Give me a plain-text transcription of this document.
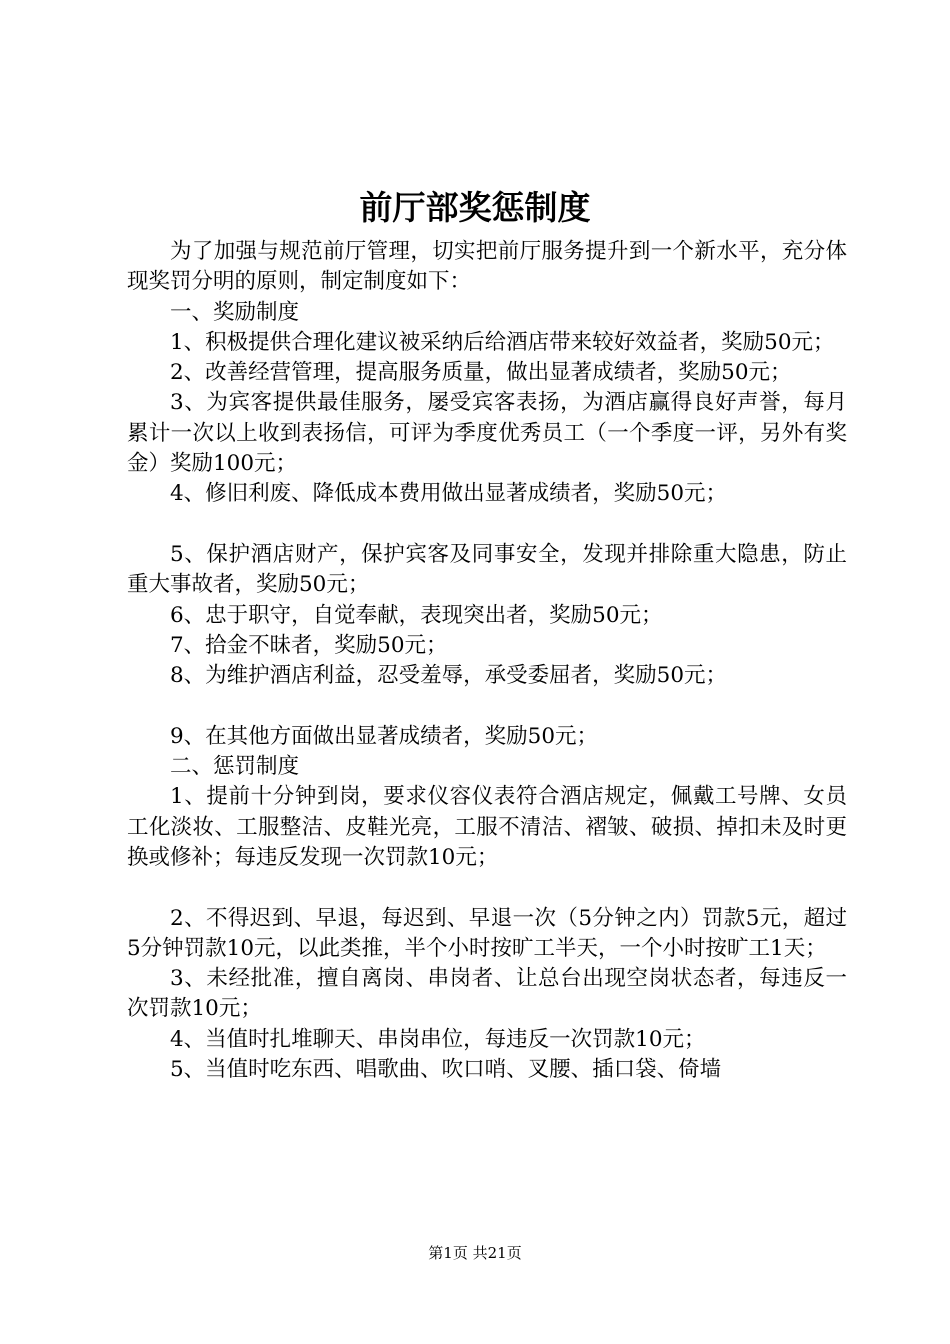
前厅部奖惩制度

为了加强与规范前厅管理，切实把前厅服务提升到一个新水平，充分体现奖罚分明的原则，制定制度如下：

一、奖励制度

1、积极提供合理化建议被采纳后给酒店带来较好效益者，奖励50元；

2、改善经营管理，提高服务质量，做出显著成绩者，奖励50元；

3、为宾客提供最佳服务，屡受宾客表扬，为酒店赢得良好声誉，每月累计一次以上收到表扬信，可评为季度优秀员工（一个季度一评，另外有奖金）奖励100元；

4、修旧利废、降低成本费用做出显著成绩者，奖励50元；

5、保护酒店财产，保护宾客及同事安全，发现并排除重大隐患，防止重大事故者，奖励50元；

6、忠于职守，自觉奉献，表现突出者，奖励50元；

7、拾金不昧者，奖励50元；

8、为维护酒店利益，忍受羞辱，承受委屈者，奖励50元；

9、在其他方面做出显著成绩者，奖励50元；

二、惩罚制度

1、提前十分钟到岗，要求仪容仪表符合酒店规定，佩戴工号牌、女员工化淡妆、工服整洁、皮鞋光亮，工服不清洁、褶皱、破损、掉扣未及时更换或修补；每违反发现一次罚款10元；

2、不得迟到、早退，每迟到、早退一次（5分钟之内）罚款5元，超过5分钟罚款10元，以此类推，半个小时按旷工半天，一个小时按旷工1天；

3、未经批准，擅自离岗、串岗者、让总台出现空岗状态者，每违反一次罚款10元；

4、当值时扎堆聊天、串岗串位，每违反一次罚款10元；

5、当值时吃东西、唱歌曲、吹口哨、叉腰、插口袋、倚墙

第1页 共21页
